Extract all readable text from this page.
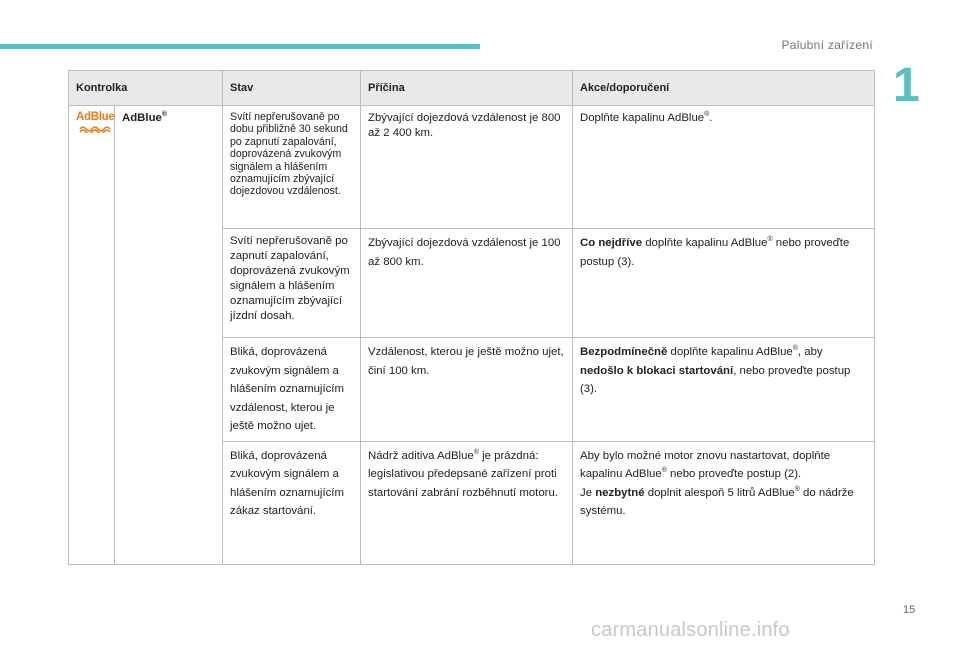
Palubní zařízení
1
Kontrolka		Stav	Příčina	Akce/doporučení

AdBlue	AdBlue®	Svítí nepřerušovaně po dobu přibližně 30 sekund po zapnutí zapalování, doprovázená zvukovým signálem a hlášením oznamujícím zbývající dojezdovou vzdálenost.	Zbývající dojezdová vzdálenost je 800 až 2 400 km.	Doplňte kapalinu AdBlue®.
		Svítí nepřerušovaně po zapnutí zapalování, doprovázená zvukovým signálem a hlášením oznamujícím zbývající jízdní dosah.	Zbývající dojezdová vzdálenost je 100 až 800 km.	Co nejdříve doplňte kapalinu AdBlue® nebo proveďte postup (3).
		Bliká, doprovázená zvukovým signálem a hlášením oznamujícím vzdálenost, kterou je ještě možno ujet.	Vzdálenost, kterou je ještě možno ujet, činí 100 km.	Bezpodmínečně doplňte kapalinu AdBlue®, aby nedošlo k blokaci startování, nebo proveďte postup (3).
		Bliká, doprovázená zvukovým signálem a hlášením oznamujícím zákaz startování.	Nádrž aditiva AdBlue® je prázdná: legislativou předepsané zařízení proti startování zabrání rozběhnutí motoru.	Aby bylo možné motor znovu nastartovat, doplňte kapalinu AdBlue® nebo proveďte postup (2).
Je nezbytné doplnit alespoň 5 litrů AdBlue® do nádrže systému.
15
carmanualsonline.info
